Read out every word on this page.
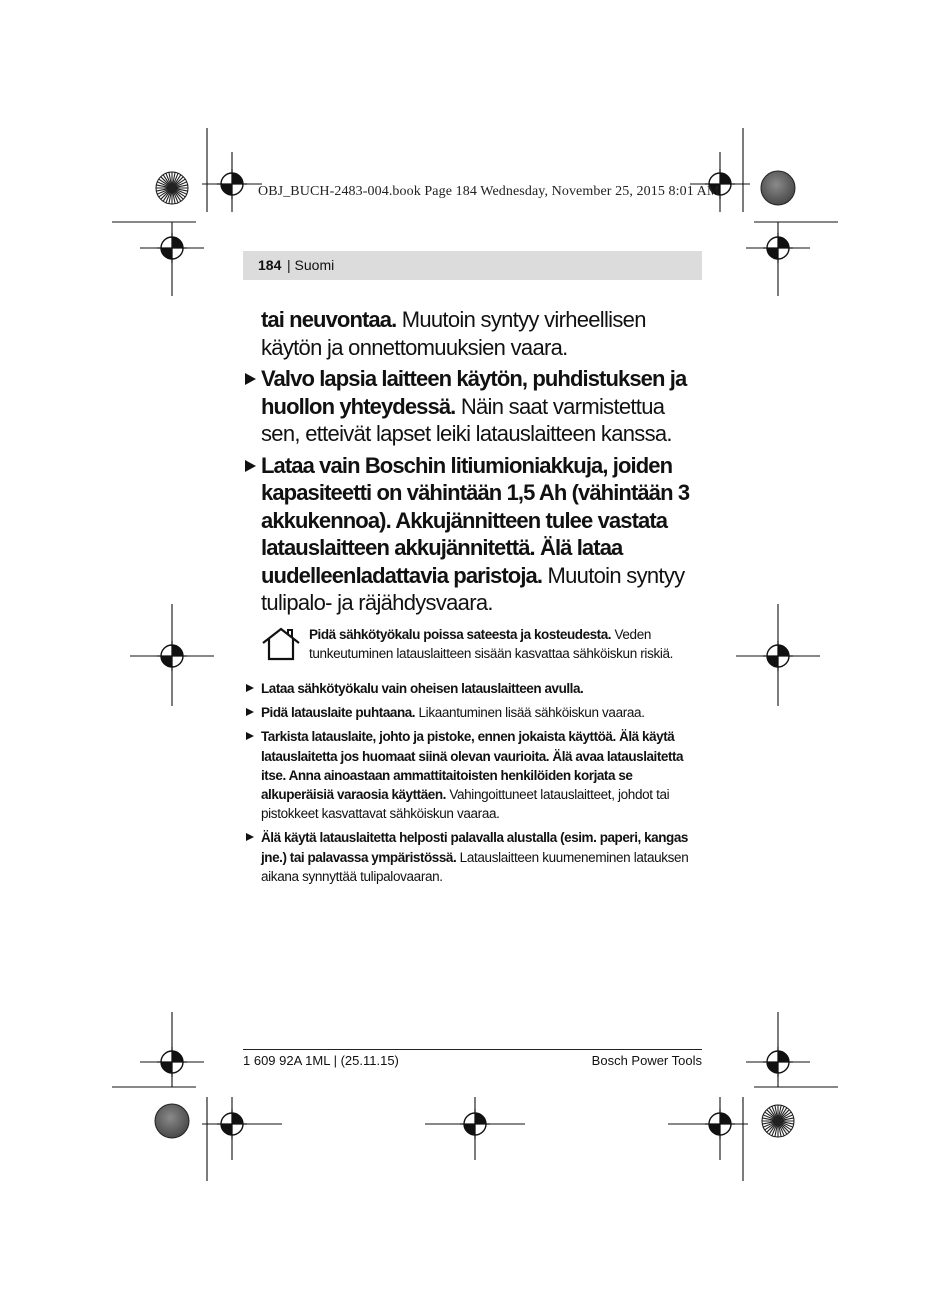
OBJ_BUCH-2483-004.book Page 184 Wednesday, November 25, 2015 8:01 AM
184 | Suomi

tai neuvontaa. Muutoin syntyy virheellisen käytön ja onnettomuuksien vaara.

Valvo lapsia laitteen käytön, puhdistuksen ja huollon yhteydessä. Näin saat varmistettua sen, etteivät lapset leiki latauslaitteen kanssa.

Lataa vain Boschin litiumioniakkuja, joiden kapasiteetti on vähintään 1,5 Ah (vähintään 3 akkukennoa). Akkujännitteen tulee vastata latauslaitteen akkujännitettä. Älä lataa uudelleenladattavia paristoja. Muutoin syntyy tulipalo- ja räjähdysvaara.

Pidä sähkötyökalu poissa sateesta ja kosteudesta. Veden tunkeutuminen latauslaitteen sisään kasvattaa sähköiskun riskiä.

Lataa sähkötyökalu vain oheisen latauslaitteen avulla.

Pidä latauslaite puhtaana. Likaantuminen lisää sähköiskun vaaraa.

Tarkista latauslaite, johto ja pistoke, ennen jokaista käyttöä. Älä käytä latauslaitetta jos huomaat siinä olevan vaurioita. Älä avaa latauslaitetta itse. Anna ainoastaan ammattitaitoisten henkilöiden korjata se alkuperäisiä varaosia käyttäen. Vahingoittuneet latauslaitteet, johdot tai pistokkeet kasvattavat sähköiskun vaaraa.

Älä käytä latauslaitetta helposti palavalla alustalla (esim. paperi, kangas jne.) tai palavassa ympäristössä. Latauslaitteen kuumeneminen latauksen aikana synnyttää tulipalovaaran.

1 609 92A 1ML | (25.11.15)	Bosch Power Tools
